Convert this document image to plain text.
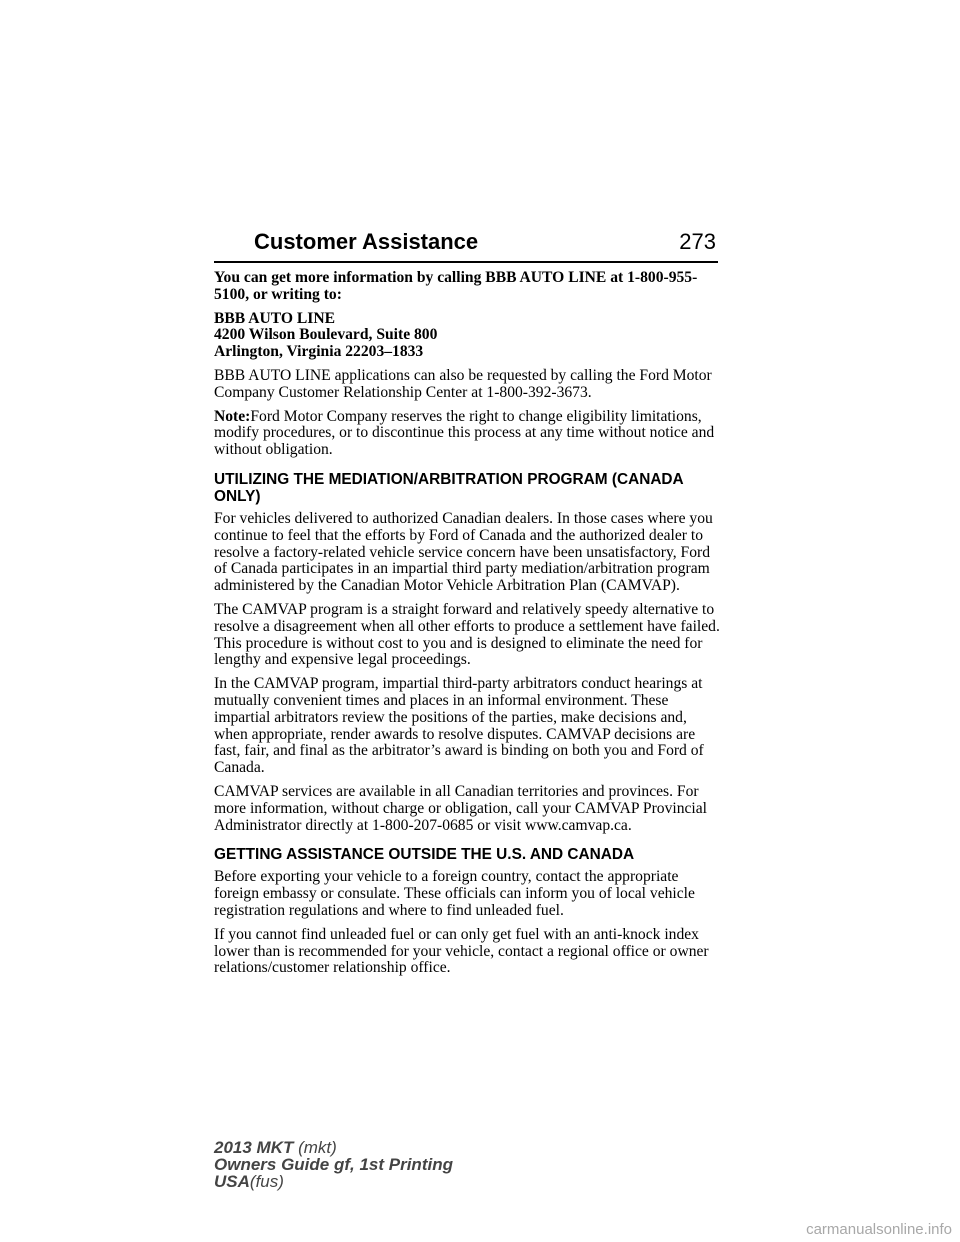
Customer Assistance	273

You can get more information by calling BBB AUTO LINE at 1-800-955-5100, or writing to:

BBB AUTO LINE
4200 Wilson Boulevard, Suite 800
Arlington, Virginia 22203–1833

BBB AUTO LINE applications can also be requested by calling the Ford Motor Company Customer Relationship Center at 1-800-392-3673.

Note:Ford Motor Company reserves the right to change eligibility limitations, modify procedures, or to discontinue this process at any time without notice and without obligation.

UTILIZING THE MEDIATION/ARBITRATION PROGRAM (CANADA ONLY)

For vehicles delivered to authorized Canadian dealers. In those cases where you continue to feel that the efforts by Ford of Canada and the authorized dealer to resolve a factory-related vehicle service concern have been unsatisfactory, Ford of Canada participates in an impartial third party mediation/arbitration program administered by the Canadian Motor Vehicle Arbitration Plan (CAMVAP).

The CAMVAP program is a straight forward and relatively speedy alternative to resolve a disagreement when all other efforts to produce a settlement have failed. This procedure is without cost to you and is designed to eliminate the need for lengthy and expensive legal proceedings.

In the CAMVAP program, impartial third-party arbitrators conduct hearings at mutually convenient times and places in an informal environment. These impartial arbitrators review the positions of the parties, make decisions and, when appropriate, render awards to resolve disputes. CAMVAP decisions are fast, fair, and final as the arbitrator’s award is binding on both you and Ford of Canada.

CAMVAP services are available in all Canadian territories and provinces. For more information, without charge or obligation, call your CAMVAP Provincial Administrator directly at 1-800-207-0685 or visit www.camvap.ca.

GETTING ASSISTANCE OUTSIDE THE U.S. AND CANADA

Before exporting your vehicle to a foreign country, contact the appropriate foreign embassy or consulate. These officials can inform you of local vehicle registration regulations and where to find unleaded fuel.

If you cannot find unleaded fuel or can only get fuel with an anti-knock index lower than is recommended for your vehicle, contact a regional office or owner relations/customer relationship office.

2013 MKT (mkt)
Owners Guide gf, 1st Printing
USA(fus)
carmanualsonline.info
